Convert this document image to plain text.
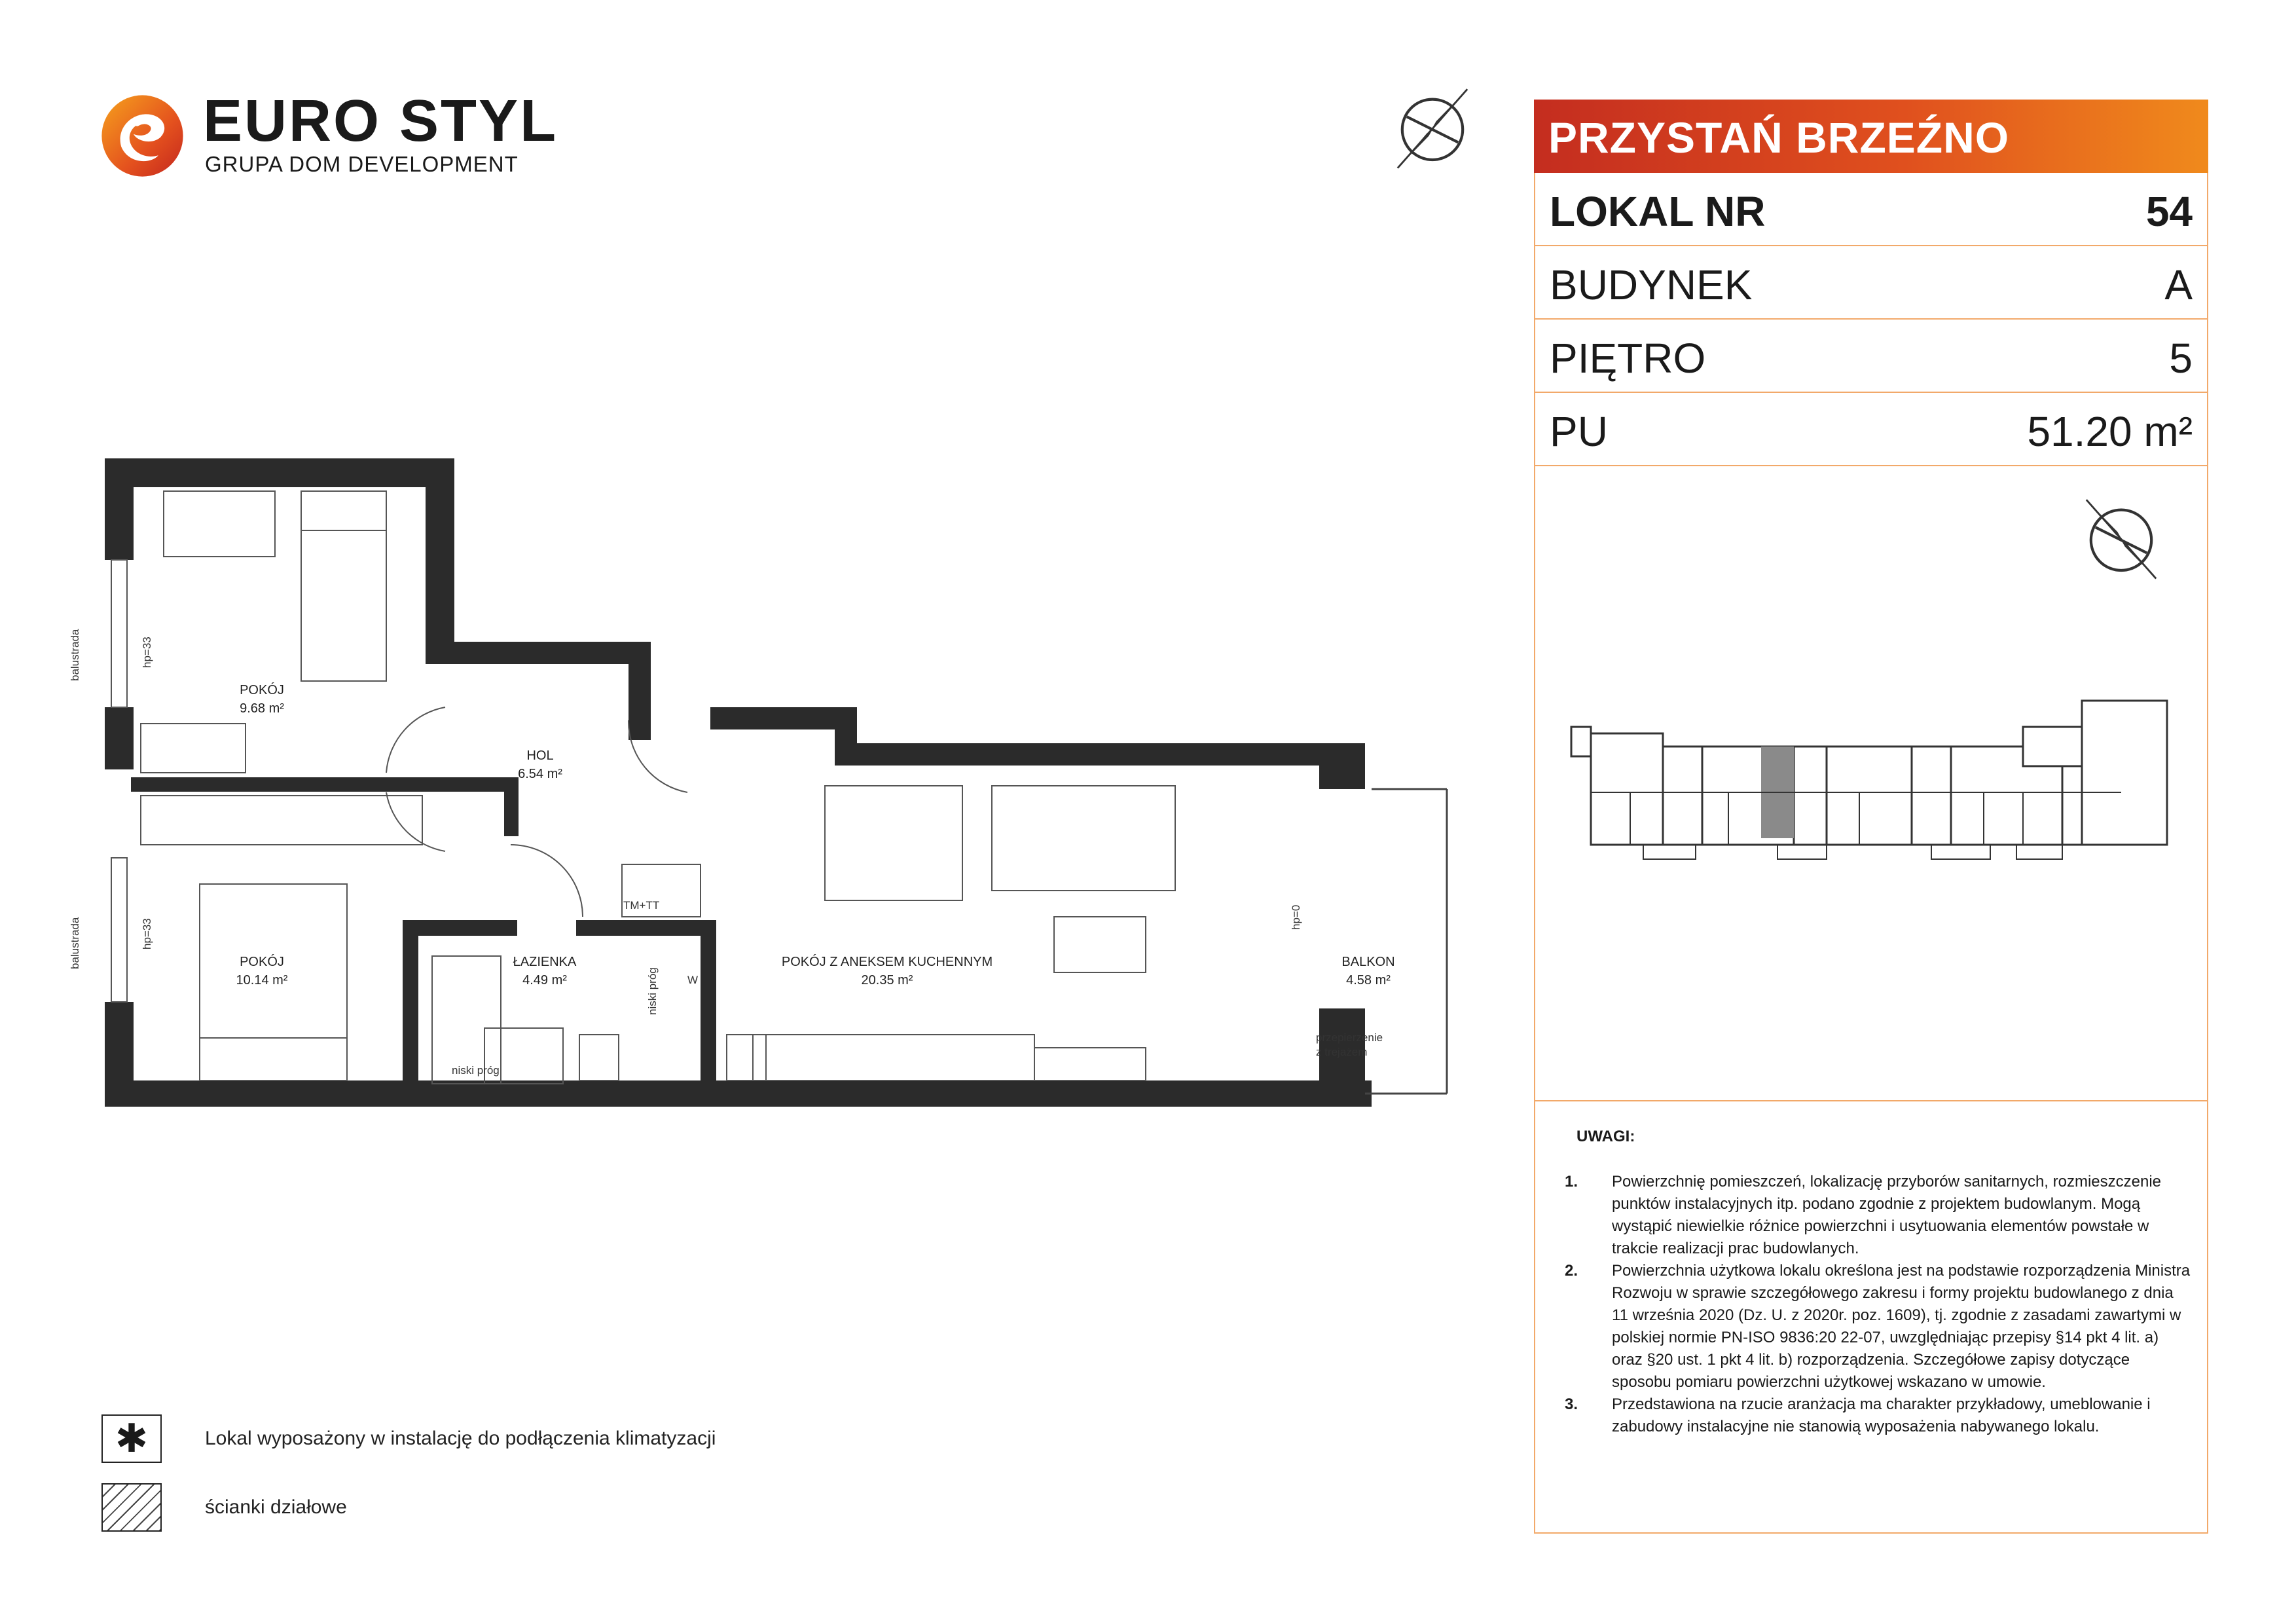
EURO STYL
GRUPA DOM DEVELOPMENT
POKÓJ
9.68 m²
HOL
6.54 m²
POKÓJ
10.14 m²
ŁAZIENKA
4.49 m²
POKÓJ Z ANEKSEM KUCHENNYM
20.35 m²
BALKON
4.58 m²
balustrada
balustrada
hp=33
hp=33
hp=0
TM+TT
niski próg
niski próg	W
przepierzenie
z trejażem
✱	Lokal wyposażony w instalację do podłączenia klimatyzacji
ścianki działowe
PRZYSTAŃ BRZEŹNO
LOKAL NR	54
BUDYNEK	A
PIĘTRO	5
PU	51.20 m²
UWAGI:
1. Powierzchnię pomieszczeń, lokalizację przyborów sanitarnych, rozmieszczenie punktów instalacyjnych itp. podano zgodnie z projektem budowlanym. Mogą wystąpić niewielkie różnice powierzchni i usytuowania elementów powstałe w trakcie realizacji prac budowlanych.
2. Powierzchnia użytkowa lokalu określona jest na podstawie rozporządzenia Ministra Rozwoju w sprawie szczegółowego zakresu i formy projektu budowlanego z dnia 11 września 2020 (Dz. U. z 2020r. poz. 1609), tj. zgodnie z zasadami zawartymi w polskiej normie PN-ISO 9836:20 22-07, uwzględniając przepisy §14 pkt 4 lit. a) oraz §20 ust. 1 pkt 4 lit. b) rozporządzenia. Szczegółowe zapisy dotyczące sposobu pomiaru powierzchni użytkowej wskazano w umowie.
3. Przedstawiona na rzucie aranżacja ma charakter przykładowy, umeblowanie i zabudowy instalacyjne nie stanowią wyposażenia nabywanego lokalu.
